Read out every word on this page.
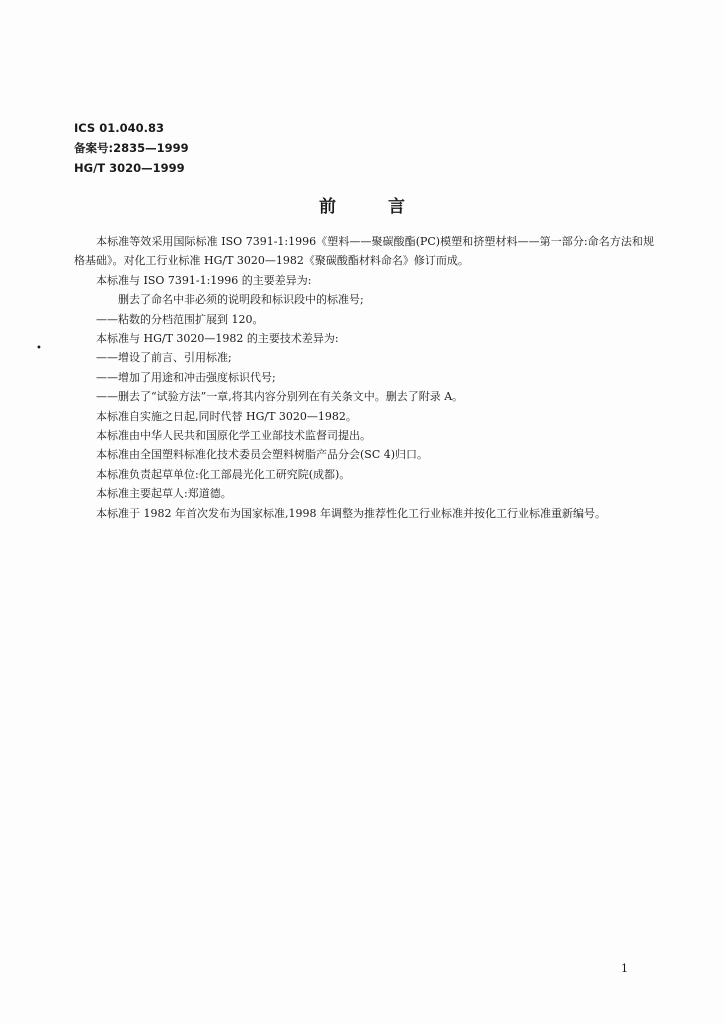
ICS 01.040.83
备案号:2835—1999
HG/T 3020—1999
前言
•

本标准等效采用国际标准 ISO 7391-1:1996《塑料——聚碳酸酯(PC)模塑和挤塑材料——第一部分:命名方法和规格基础》。对化工行业标准 HG/T 3020—1982《聚碳酸酯材料命名》修订而成。

本标准与 ISO 7391-1:1996 的主要差异为:

删去了命名中非必须的说明段和标识段中的标准号;

——粘数的分档范围扩展到 120。

本标准与 HG/T 3020—1982 的主要技术差异为:

——增设了前言、引用标准;

——增加了用途和冲击强度标识代号;

——删去了“试验方法”一章,将其内容分别列在有关条文中。删去了附录 A。

本标准自实施之日起,同时代替 HG/T 3020—1982。

本标准由中华人民共和国原化学工业部技术监督司提出。

本标准由全国塑料标准化技术委员会塑料树脂产品分会(SC 4)归口。

本标准负责起草单位:化工部晨光化工研究院(成都)。

本标准主要起草人:郑道德。

本标准于 1982 年首次发布为国家标准,1998 年调整为推荐性化工行业标准并按化工行业标准重新编号。

1
